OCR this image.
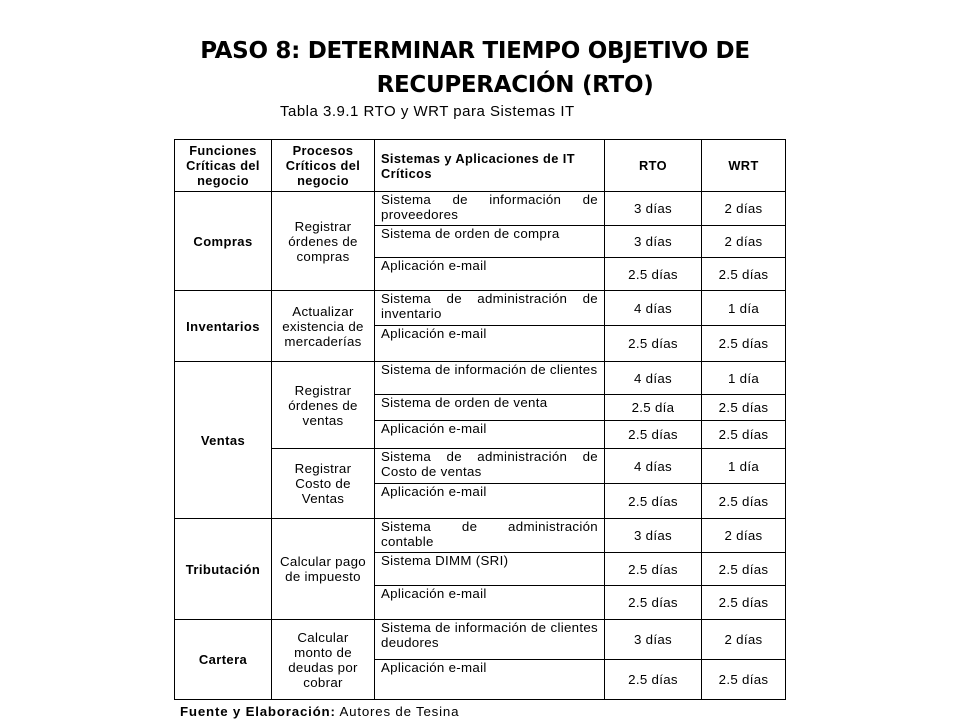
PASO 8: DETERMINAR TIEMPO OBJETIVO DE
RECUPERACIÓN (RTO)
Tabla 3.9.1 RTO y WRT para Sistemas IT
Funciones Críticas del negocio	Procesos Críticos del negocio	Sistemas y Aplicaciones de IT Críticos	RTO	WRT
Compras	Registrar órdenes de compras	Sistema de información de proveedores	3 días	2 días

		Sistema de orden de compra	3 días	2 días

		Aplicación e-mail	2.5 días	2.5 días
Inventarios	Actualizar existencia de mercaderías	Sistema de administración de inventario	4 días	1 día

		Aplicación e-mail	2.5 días	2.5 días
Ventas	Registrar órdenes de ventas	Sistema de información de clientes	4 días	1 día

		Sistema de orden de venta	2.5 día	2.5 días

		Aplicación e-mail	2.5 días	2.5 días
	Registrar Costo de Ventas	Sistema de administración de Costo de ventas	4 días	1 día

		Aplicación e-mail	2.5 días	2.5 días
Tributación	Calcular pago de impuesto	Sistema de administración contable	3 días	2 días

		Sistema DIMM (SRI)	2.5 días	2.5 días

		Aplicación e-mail	2.5 días	2.5 días
Cartera	Calcular monto de deudas por cobrar	Sistema de información de clientes deudores	3 días	2 días

		Aplicación e-mail	2.5 días	2.5 días
Fuente y Elaboración: Autores de Tesina
